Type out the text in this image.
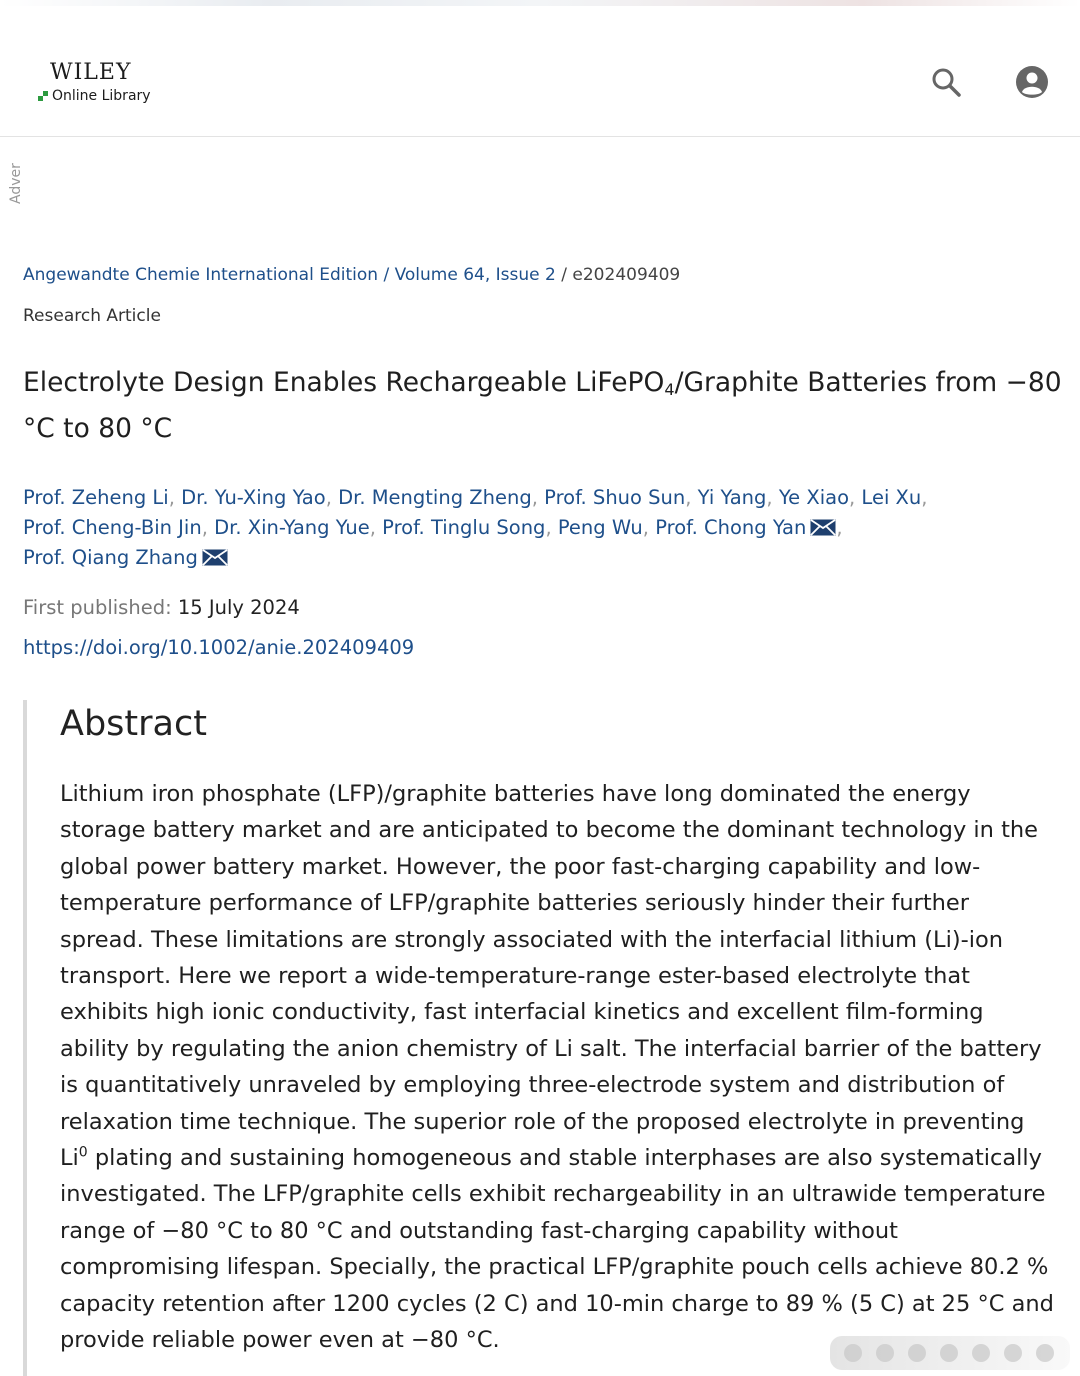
WILEY
Online Library
Adver
Angewandte Chemie International Edition / Volume 64, Issue 2 / e202409409
Research Article
Electrolyte Design Enables Rechargeable LiFePO$_4$/Graphite Batteries from −80 °C to 80 °C
Prof. Zeheng Li, Dr. Yu-Xing Yao, Dr. Mengting Zheng, Prof. Shuo Sun, Yi Yang, Ye Xiao, Lei Xu,
Prof. Cheng-Bin Jin, Dr. Xin-Yang Yue, Prof. Tinglu Song, Peng Wu, Prof. Chong Yan ,
Prof. Qiang Zhang
First published: 15 July 2024
https://doi.org/10.1002/anie.202409409
Abstract

Lithium iron phosphate (LFP)/graphite batteries have long dominated the energy storage battery market and are anticipated to become the dominant technology in the global power battery market. However, the poor fast-charging capability and low-temperature performance of LFP/graphite batteries seriously hinder their further spread. These limitations are strongly associated with the interfacial lithium (Li)-ion transport. Here we report a wide-temperature-range ester-based electrolyte that exhibits high ionic conductivity, fast interfacial kinetics and excellent film-forming ability by regulating the anion chemistry of Li salt. The interfacial barrier of the battery is quantitatively unraveled by employing three-electrode system and distribution of relaxation time technique. The superior role of the proposed electrolyte in preventing Li$^0$ plating and sustaining homogeneous and stable interphases are also systematically investigated. The LFP/graphite cells exhibit rechargeability in an ultrawide temperature range of −80 °C to 80 °C and outstanding fast-charging capability without compromising lifespan. Specially, the practical LFP/graphite pouch cells achieve 80.2 % capacity retention after 1200 cycles (2 C) and 10-min charge to 89 % (5 C) at 25 °C and provide reliable power even at −80 °C.
